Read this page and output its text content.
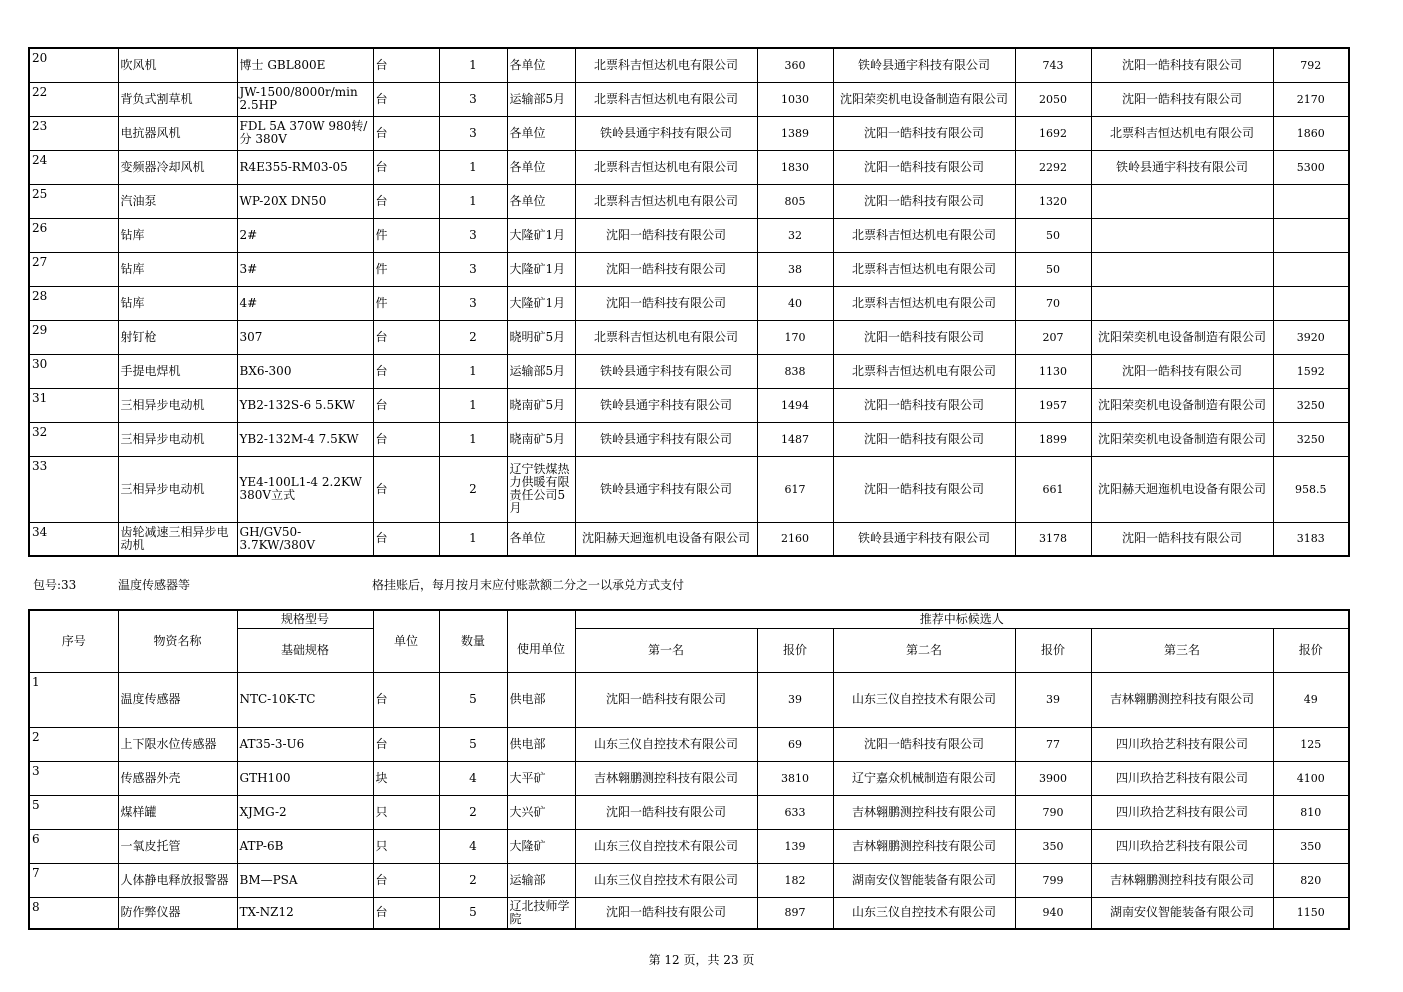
20	吹风机	博士 GBL800E	台	1	各单位	北票科吉恒达机电有限公司	360	铁岭县通宇科技有限公司	743	沈阳一皓科技有限公司	792
22	背负式割草机	JW-1500/8000r/min 2.5HP	台	3	运输部5月	北票科吉恒达机电有限公司	1030	沈阳荣奕机电设备制造有限公司	2050	沈阳一皓科技有限公司	2170
23	电抗器风机	FDL 5A 370W 980转/分 380V	台	3	各单位	铁岭县通宇科技有限公司	1389	沈阳一皓科技有限公司	1692	北票科吉恒达机电有限公司	1860
24	变频器冷却风机	R4E355-RM03-05	台	1	各单位	北票科吉恒达机电有限公司	1830	沈阳一皓科技有限公司	2292	铁岭县通宇科技有限公司	5300
25	汽油泵	WP-20X DN50	台	1	各单位	北票科吉恒达机电有限公司	805	沈阳一皓科技有限公司	1320		
26	钻库	2#	件	3	大隆矿1月	沈阳一皓科技有限公司	32	北票科吉恒达机电有限公司	50		
27	钻库	3#	件	3	大隆矿1月	沈阳一皓科技有限公司	38	北票科吉恒达机电有限公司	50		
28	钻库	4#	件	3	大隆矿1月	沈阳一皓科技有限公司	40	北票科吉恒达机电有限公司	70		
29	射钉枪	307	台	2	晓明矿5月	北票科吉恒达机电有限公司	170	沈阳一皓科技有限公司	207	沈阳荣奕机电设备制造有限公司	3920
30	手提电焊机	BX6-300	台	1	运输部5月	铁岭县通宇科技有限公司	838	北票科吉恒达机电有限公司	1130	沈阳一皓科技有限公司	1592
31	三相异步电动机	YB2-132S-6 5.5KW	台	1	晓南矿5月	铁岭县通宇科技有限公司	1494	沈阳一皓科技有限公司	1957	沈阳荣奕机电设备制造有限公司	3250
32	三相异步电动机	YB2-132M-4 7.5KW	台	1	晓南矿5月	铁岭县通宇科技有限公司	1487	沈阳一皓科技有限公司	1899	沈阳荣奕机电设备制造有限公司	3250
33	三相异步电动机	YE4-100L1-4 2.2KW 380V立式	台	2	辽宁铁煤热力供暖有限责任公司5月	铁岭县通宇科技有限公司	617	沈阳一皓科技有限公司	661	沈阳赫天迴迤机电设备有限公司	958.5
34	齿轮减速三相异步电动机	GH/GV50-3.7KW/380V	台	1	各单位	沈阳赫天迴迤机电设备有限公司	2160	铁岭县通宇科技有限公司	3178	沈阳一皓科技有限公司	3183
包号:33	温度传感器等	格挂账后，每月按月末应付账款额二分之一以承兑方式支付
序号	物资名称	规格型号	单位	数量		推荐中标候选人					
		基础规格			使用单位	第一名	报价	第二名	报价	第三名	报价
1	温度传感器	NTC-10K-TC	台	5	供电部	沈阳一皓科技有限公司	39	山东三仪自控技术有限公司	39	吉林翱鹏测控科技有限公司	49
2	上下限水位传感器	AT35-3-U6	台	5	供电部	山东三仪自控技术有限公司	69	沈阳一皓科技有限公司	77	四川玖拾艺科技有限公司	125
3	传感器外壳	GTH100	块	4	大平矿	吉林翱鹏测控科技有限公司	3810	辽宁嘉众机械制造有限公司	3900	四川玖拾艺科技有限公司	4100
5	煤样罐	XJMG-2	只	2	大兴矿	沈阳一皓科技有限公司	633	吉林翱鹏测控科技有限公司	790	四川玖拾艺科技有限公司	810
6	一氧皮托管	ATP-6B	只	4	大隆矿	山东三仪自控技术有限公司	139	吉林翱鹏测控科技有限公司	350	四川玖拾艺科技有限公司	350
7	人体静电释放报警器	BM—PSA	台	2	运输部	山东三仪自控技术有限公司	182	湖南安仪智能装备有限公司	799	吉林翱鹏测控科技有限公司	820
8	防作弊仪器	TX-NZ12	台	5	辽北技师学院	沈阳一皓科技有限公司	897	山东三仪自控技术有限公司	940	湖南安仪智能装备有限公司	1150
第 12 页，共 23 页
